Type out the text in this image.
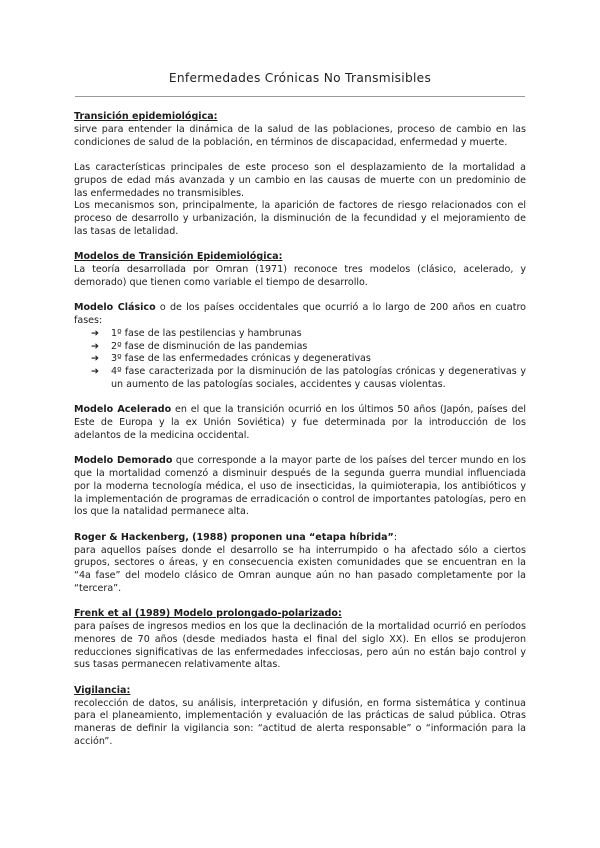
Enfermedades Crónicas No Transmisibles

Transición epidemiológica:

sirve para entender la dinámica de la salud de las poblaciones, proceso de cambio en las condiciones de salud de la población, en términos de discapacidad, enfermedad y muerte.

Las características principales de este proceso son el desplazamiento de la mortalidad a grupos de edad más avanzada y un cambio en las causas de muerte con un predominio de las enfermedades no transmisibles.

Los mecanismos son, principalmente, la aparición de factores de riesgo relacionados con el proceso de desarrollo y urbanización, la disminución de la fecundidad y el mejoramiento de las tasas de letalidad.

Modelos de Transición Epidemiológica:

La teoría desarrollada por Omran (1971) reconoce tres modelos (clásico, acelerado, y demorado) que tienen como variable el tiempo de desarrollo.

Modelo Clásico o de los países occidentales que ocurrió a lo largo de 200 años en cuatro fases:

➔ 1º fase de las pestilencias y hambrunas
➔ 2º fase de disminución de las pandemias
➔ 3º fase de las enfermedades crónicas y degenerativas
➔ 4º fase caracterizada por la disminución de las patologías crónicas y degenerativas y un aumento de las patologías sociales, accidentes y causas violentas.

Modelo Acelerado en el que la transición ocurrió en los últimos 50 años (Japón, países del Este de Europa y la ex Unión Soviética) y fue determinada por la introducción de los adelantos de la medicina occidental.

Modelo Demorado que corresponde a la mayor parte de los países del tercer mundo en los que la mortalidad comenzó a disminuir después de la segunda guerra mundial influenciada por la moderna tecnología médica, el uso de insecticidas, la quimioterapia, los antibióticos y la implementación de programas de erradicación o control de importantes patologías, pero en los que la natalidad permanece alta.

Roger & Hackenberg, (1988) proponen una “etapa híbrida”:

para aquellos países donde el desarrollo se ha interrumpido o ha afectado sólo a ciertos grupos, sectores o áreas, y en consecuencia existen comunidades que se encuentran en la “4a fase” del modelo clásico de Omran aunque aún no han pasado completamente por la “tercera”.

Frenk et al (1989) Modelo prolongado-polarizado:

para países de ingresos medios en los que la declinación de la mortalidad ocurrió en períodos menores de 70 años (desde mediados hasta el final del siglo XX). En ellos se produjeron reducciones significativas de las enfermedades infecciosas, pero aún no están bajo control y sus tasas permanecen relativamente altas.

Vigilancia:

recolección de datos, su análisis, interpretación y difusión, en forma sistemática y continua para el planeamiento, implementación y evaluación de las prácticas de salud pública. Otras maneras de definir la vigilancia son: “actitud de alerta responsable” o “información para la acción”.
